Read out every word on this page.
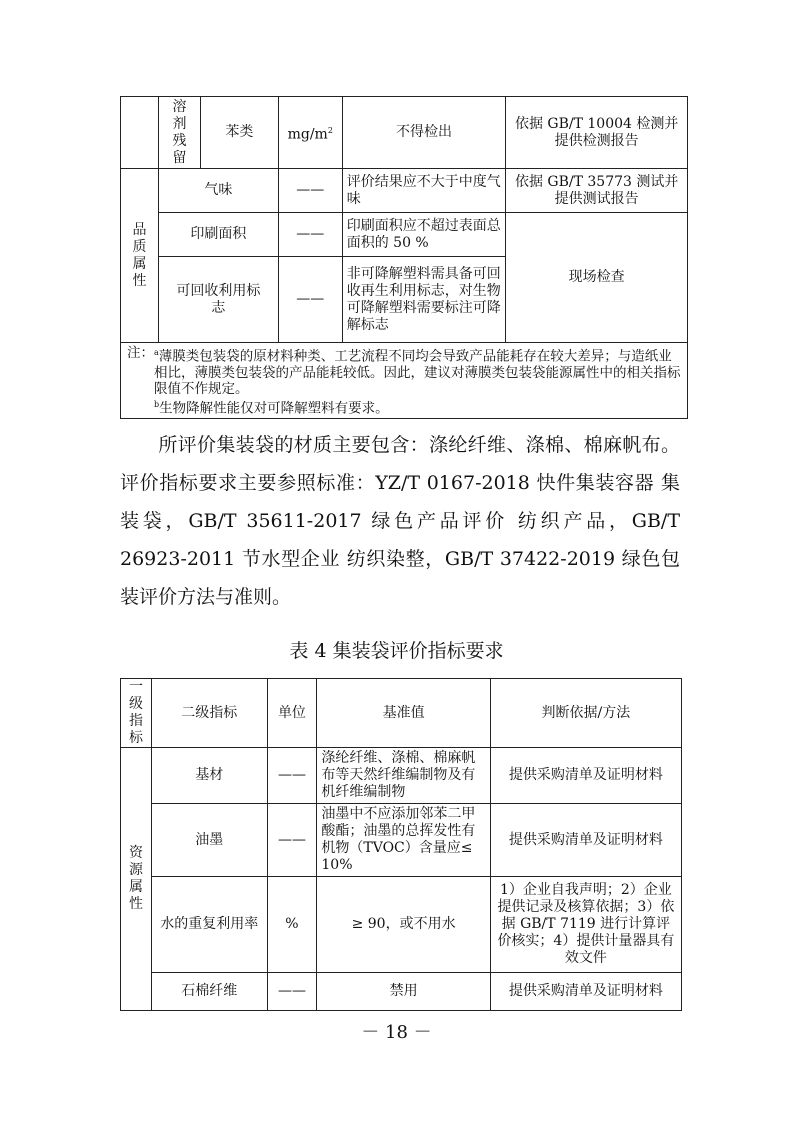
	溶剂残留	苯类	$mg/m^2$	不得检出	依据 GB/T 10004 检测并提供检测报告
品质属性	气味		——	评价结果应不大于中度气味	依据 GB/T 35773 测试并提供测试报告
	印刷面积		——	印刷面积应不超过表面总面积的 50 %	现场检查
	可回收利用标志		——	非可降解塑料需具备可回收再生利用标志，对生物可降解塑料需要标注可降解标志	

注： $^a$薄膜类包装袋的原材料种类、工艺流程不同均会导致产品能耗存在较大差异；与造纸业相比，薄膜类包装袋的产品能耗较低。因此，建议对薄膜类包装袋能源属性中的相关指标限值不作规定。
$^b$生物降解性能仅对可降解塑料有要求。					

所评价集装袋的材质主要包含：涤纶纤维、涤棉、棉麻帆布。评价指标要求主要参照标准：YZ/T 0167-2018 快件集装容器 集装袋，GB/T 35611-2017 绿色产品评价 纺织产品，GB/T 26923-2011 节水型企业 纺织染整，GB/T 37422-2019 绿色包装评价方法与准则。

表 4 集装袋评价指标要求
一级指标	二级指标	单位	基准值	判断依据/方法
资源属性	基材	——	涤纶纤维、涤棉、棉麻帆布等天然纤维编制物及有机纤维编制物	提供采购清单及证明材料
	油墨	——	油墨中不应添加邻苯二甲酸酯；油墨的总挥发性有机物（TVOC）含量应≤ 10%	提供采购清单及证明材料
	水的重复利用率	%	≥ 90，或不用水	1）企业自我声明；2）企业提供记录及核算依据；3）依据 GB/T 7119 进行计算评价核实；4）提供计量器具有效文件
	石棉纤维	——	禁用	提供采购清单及证明材料
－ 18 －
